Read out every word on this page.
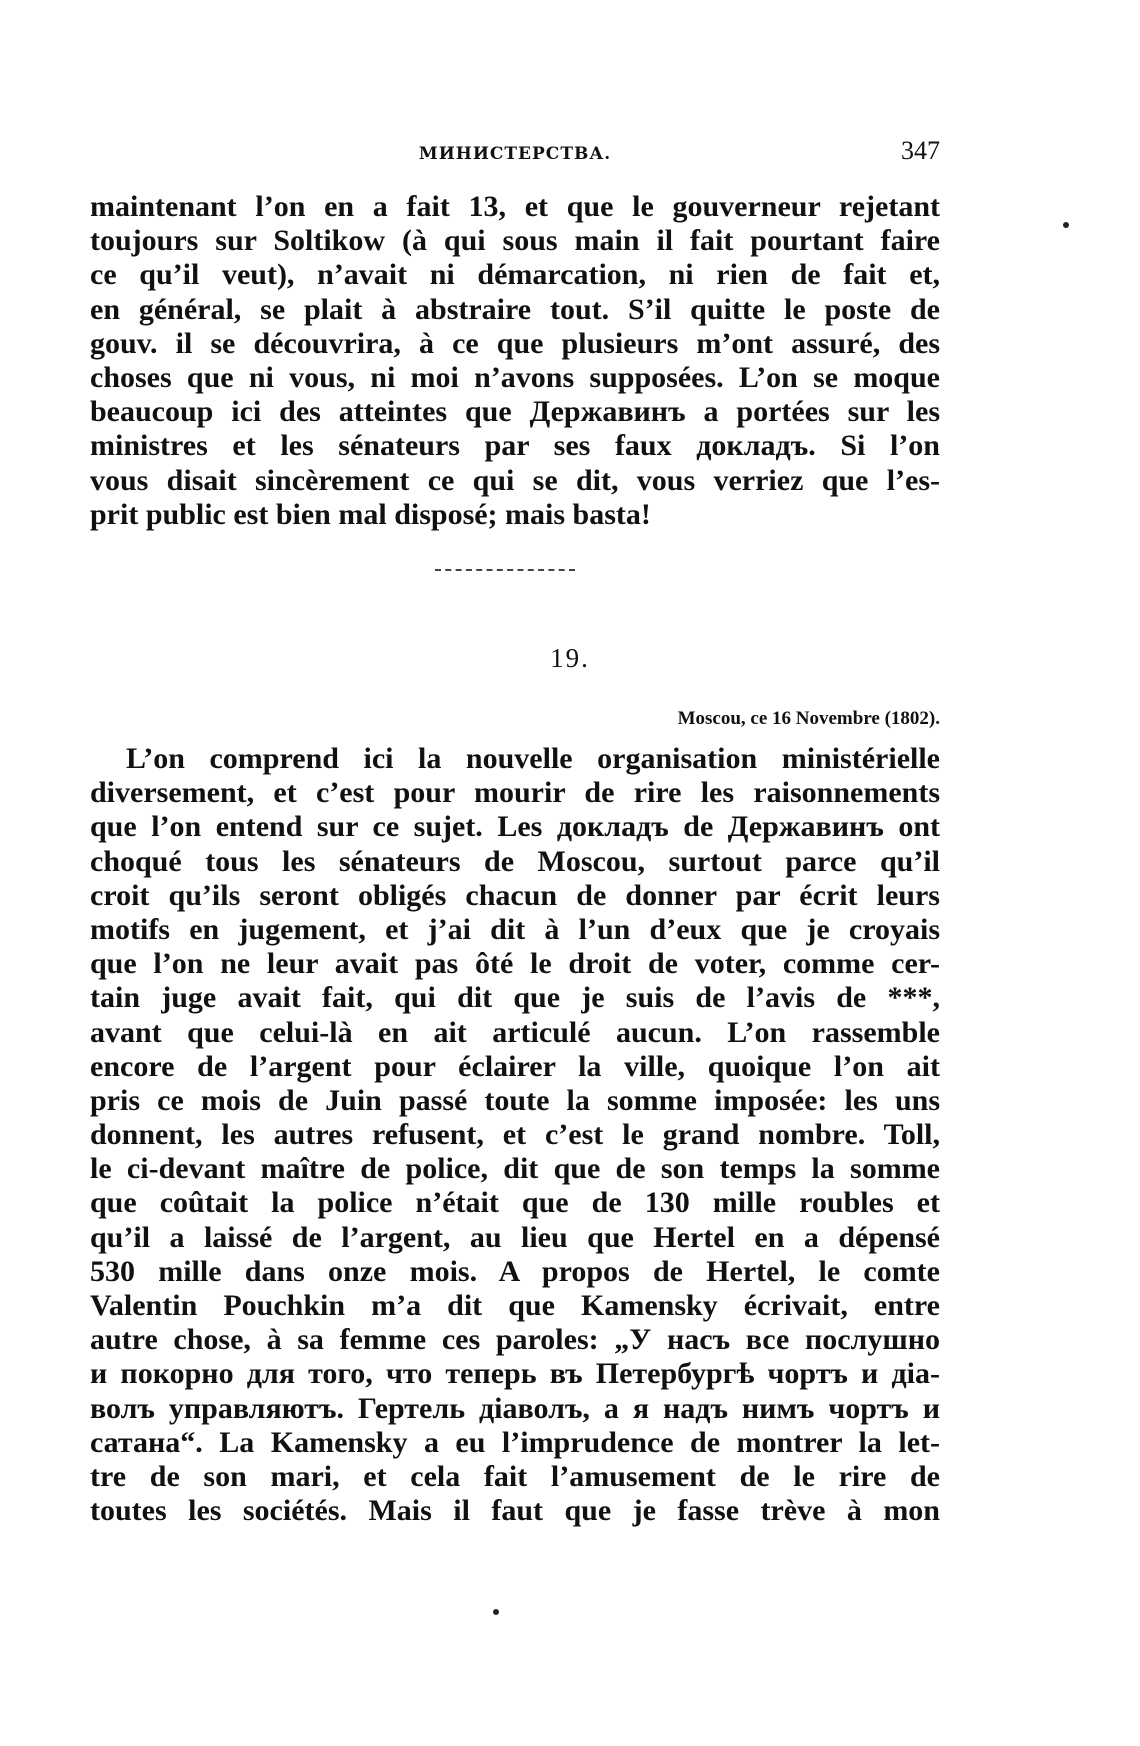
МИНИСТЕРСТВА.	347
maintenant l’on en a fait 13, et que le gouverneur rejetant
toujours sur Soltikow (à qui sous main il fait pourtant faire
ce qu’il veut), n’avait ni démarcation, ni rien de fait et,
en général, se plait à abstraire tout. S’il quitte le poste de
gouv. il se découvrira, à ce que plusieurs m’ont assuré, des
choses que ni vous, ni moi n’avons supposées. L’on se moque
beaucoup ici des atteintes que Державинъ a portées sur les
ministres et les sénateurs par ses faux докладъ. Si l’on
vous disait sincèrement ce qui se dit, vous verriez que l’es-
prit public est bien mal disposé; mais basta!
19.
Moscou, ce 16 Novembre (1802).
L’on comprend ici la nouvelle organisation ministérielle
diversement, et c’est pour mourir de rire les raisonnements
que l’on entend sur ce sujet. Les докладъ de Державинъ ont
choqué tous les sénateurs de Moscou, surtout parce qu’il
croit qu’ils seront obligés chacun de donner par écrit leurs
motifs en jugement, et j’ai dit à l’un d’eux que je croyais
que l’on ne leur avait pas ôté le droit de voter, comme cer-
tain juge avait fait, qui dit que je suis de l’avis de ***,
avant que celui-là en ait articulé aucun. L’on rassemble
encore de l’argent pour éclairer la ville, quoique l’on ait
pris ce mois de Juin passé toute la somme imposée: les uns
donnent, les autres refusent, et c’est le grand nombre. Toll,
le ci-devant maître de police, dit que de son temps la somme
que coûtait la police n’était que de 130 mille roubles et
qu’il a laissé de l’argent, au lieu que Hertel en a dépensé
530 mille dans onze mois. A propos de Hertel, le comte
Valentin Pouchkin m’a dit que Kamensky écrivait, entre
autre chose, à sa femme ces paroles: „У насъ все послушно
и покорно для того, что теперь въ Петербургѣ чортъ и діа-
волъ управляютъ. Гертель діаволъ, а я надъ нимъ чортъ и
сатана“. La Kamensky a eu l’imprudence de montrer la let-
tre de son mari, et cela fait l’amusement de le rire de
toutes les sociétés. Mais il faut que je fasse trève à mon
